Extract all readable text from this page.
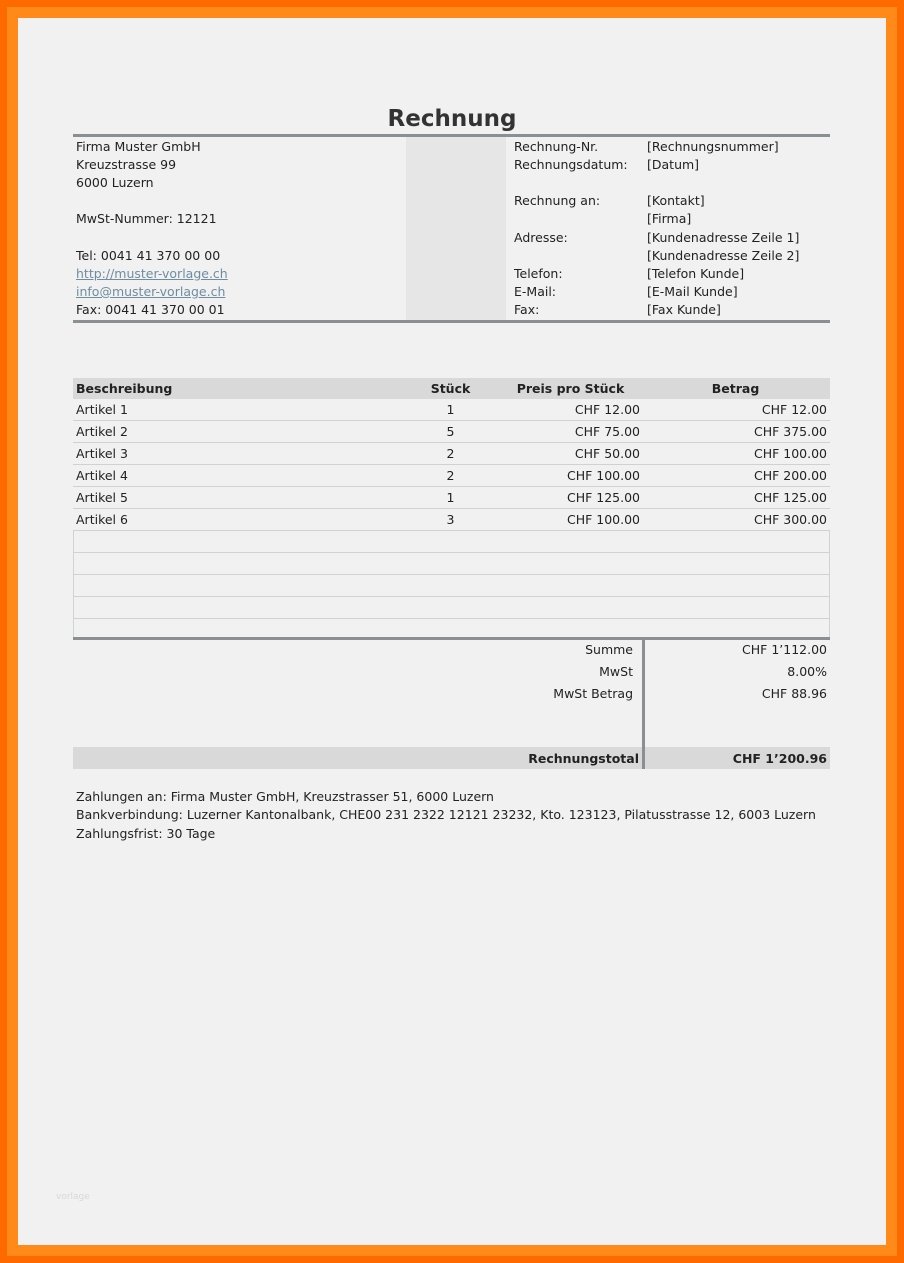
Rechnung
Firma Muster GmbH
Kreuzstrasse 99
6000 Luzern
MwSt-Nummer: 12121
Tel: 0041 41 370 00 00
http://muster-vorlage.ch
info@muster-vorlage.ch
Fax: 0041 41 370 00 01
Rechnung-Nr.	[Rechnungsnummer]
Rechnungsdatum: [Datum]
Rechnung an:	[Kontakt]
[Firma]
Adresse:	[Kundenadresse Zeile 1]
[Kundenadresse Zeile 2]
Telefon:	[Telefon Kunde]
E-Mail:	[E-Mail Kunde]
Fax:	[Fax Kunde]
Beschreibung	Stück	Preis pro Stück	Betrag
Artikel 1	1	CHF 12.00	CHF 12.00
Artikel 2	5	CHF 75.00	CHF 375.00
Artikel 3	2	CHF 50.00	CHF 100.00
Artikel 4	2	CHF 100.00	CHF 200.00
Artikel 5	1	CHF 125.00	CHF 125.00
Artikel 6	3	CHF 100.00	CHF 300.00
Summe	CHF 1’112.00
MwSt	8.00%
MwSt Betrag	CHF 88.96
Rechnungstotal	CHF 1’200.96
Zahlungen an: Firma Muster GmbH, Kreuzstrasser 51, 6000 Luzern
Bankverbindung: Luzerner Kantonalbank, CHE00 231 2322 12121 23232, Kto. 123123, Pilatusstrasse 12, 6003 Luzern
Zahlungsfrist: 30 Tage
vorlage
